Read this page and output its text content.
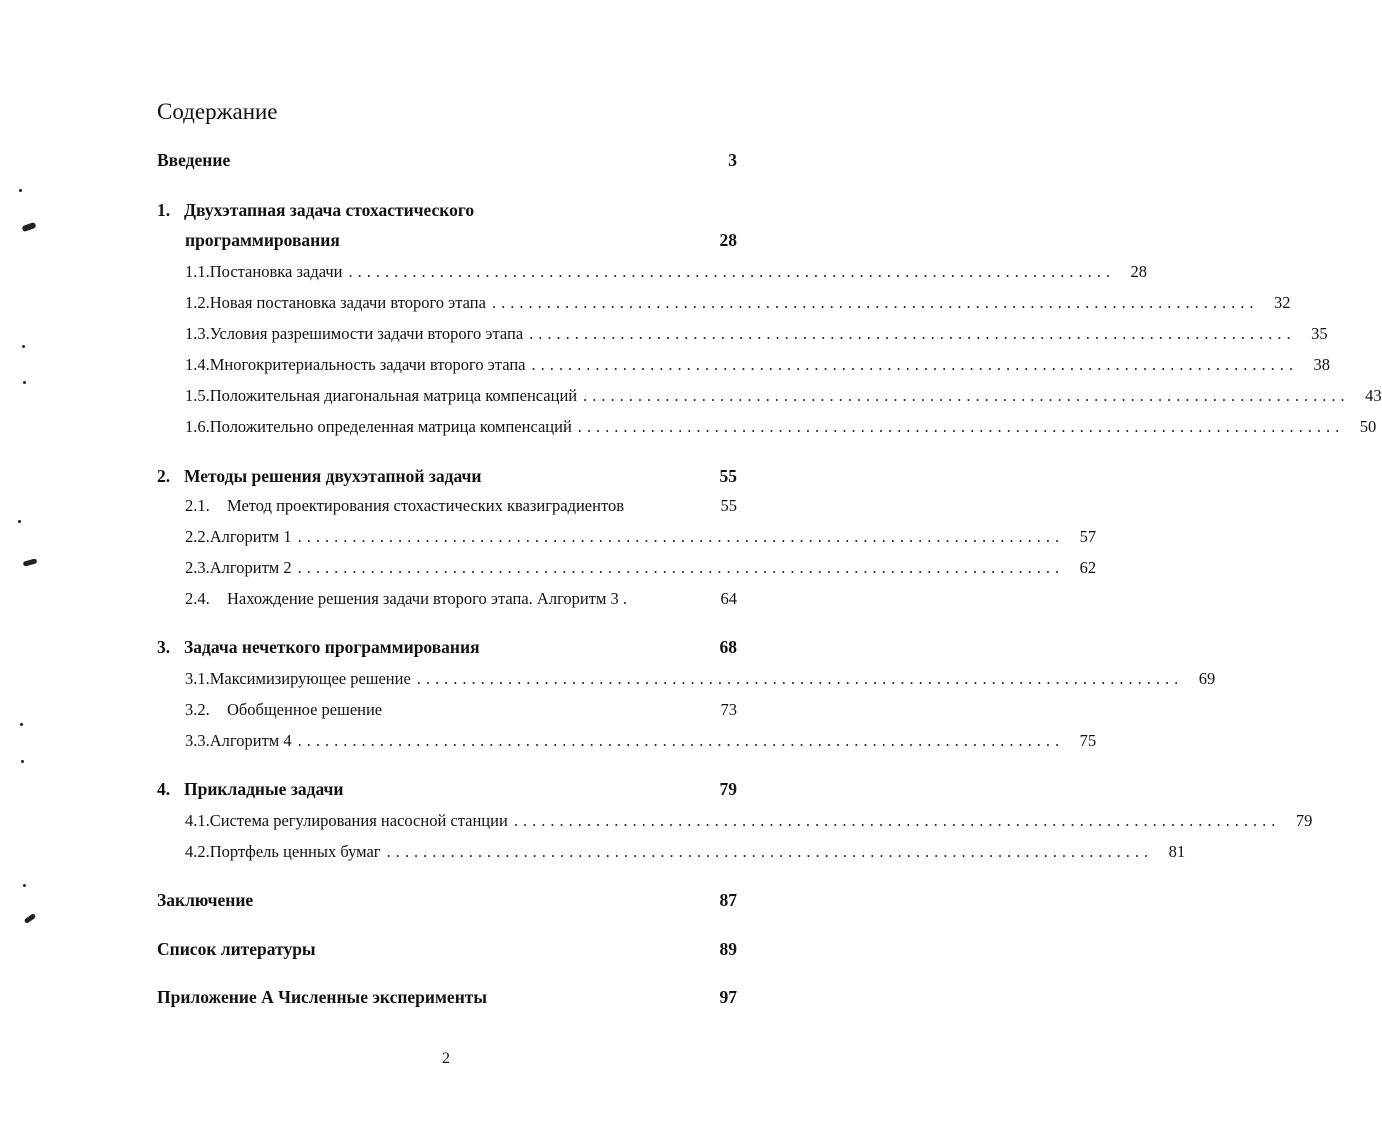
Содержание
Введение	3
1. Двухэтапная задача стохастического
программирования	28
1.1. Постановка задачи .................................................................................... 28
1.2. Новая постановка задачи второго этапа .................................................................................... 32
1.3. Условия разрешимости задачи второго этапа .................................................................................... 35
1.4. Многокритериальность задачи второго этапа .................................................................................... 38
1.5. Положительная диагональная матрица компенсаций .................................................................................... 43
1.6. Положительно определенная матрица компенсаций .................................................................................... 50
2. Методы решения двухэтапной задачи	55
2.1.	Метод проектирования стохастических квазиградиентов	55
2.2. Алгоритм 1 .................................................................................... 57
2.3. Алгоритм 2 .................................................................................... 62
2.4.	Нахождение решения задачи второго этапа. Алгоритм 3 .	64
3. Задача нечеткого программирования	68
3.1. Максимизирующее решение .................................................................................... 69
3.2.	Обобщенное решение	73
3.3. Алгоритм 4 .................................................................................... 75
4. Прикладные задачи	79
4.1. Система регулирования насосной станции .................................................................................... 79
4.2. Портфель ценных бумаг .................................................................................... 81
Заключение	87
Список литературы	89
Приложение А Численные эксперименты	97
2
